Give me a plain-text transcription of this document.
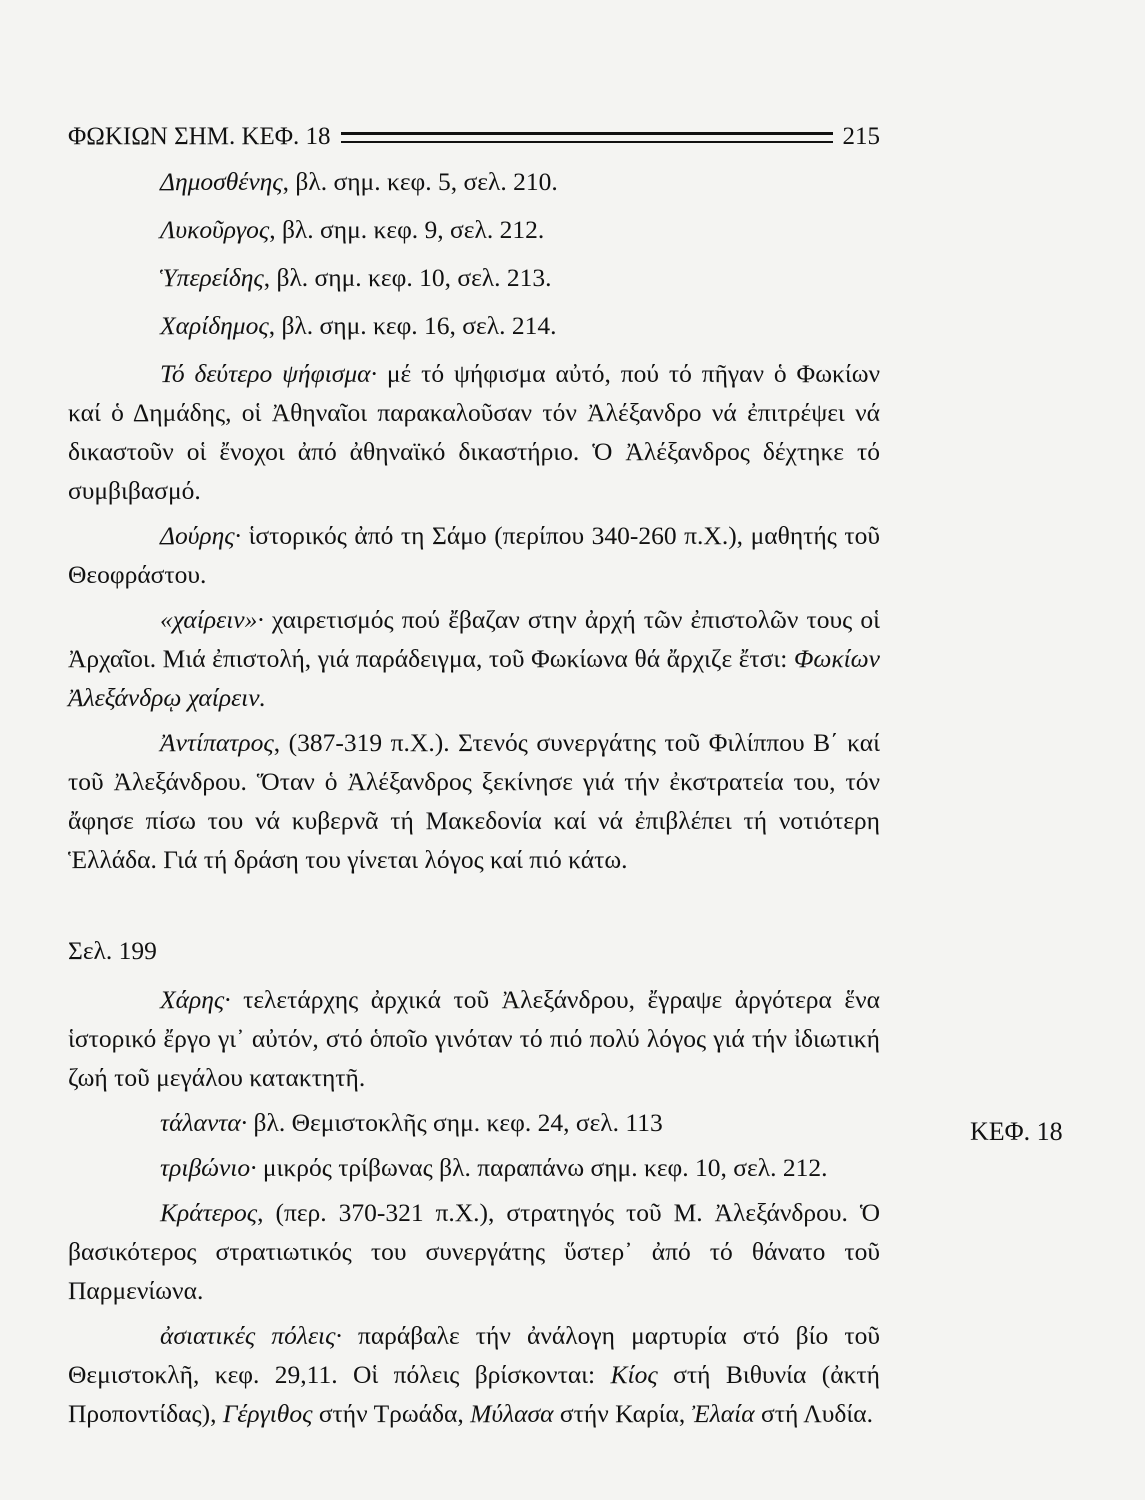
ΦΩΚΙΩΝ ΣΗΜ. ΚΕΦ. 18	215

Δημοσθένης, βλ. σημ. κεφ. 5, σελ. 210.

Λυκοῦργος, βλ. σημ. κεφ. 9, σελ. 212.

Ὑπερείδης, βλ. σημ. κεφ. 10, σελ. 213.

Χαρίδημος, βλ. σημ. κεφ. 16, σελ. 214.

Τό δεύτερο ψήφισμα· μέ τό ψήφισμα αὐτό, πού τό πῆγαν ὁ Φωκίων καί ὁ Δημάδης, οἱ Ἀθηναῖοι παρακαλοῦσαν τόν Ἀλέξανδρο νά ἐπιτρέψει νά δικαστοῦν οἱ ἔνοχοι ἀπό ἀθηναϊκό δικαστήριο. Ὁ Ἀλέξανδρος δέχτηκε τό συμβιβασμό.

Δούρης· ἱστορικός ἀπό τη Σάμο (περίπου 340-260 π.Χ.), μαθητής τοῦ Θεοφράστου.

«χαίρειν»· χαιρετισμός πού ἔβαζαν στην ἀρχή τῶν ἐπιστολῶν τους οἱ Ἀρχαῖοι. Μιά ἐπιστολή, γιά παράδειγμα, τοῦ Φωκίωνα θά ἄρχιζε ἔτσι: Φωκίων Ἀλεξάνδρῳ χαίρειν.

Ἀντίπατρος, (387-319 π.Χ.). Στενός συνεργάτης τοῦ Φιλίππου Β΄ καί τοῦ Ἀλεξάνδρου. Ὅταν ὁ Ἀλέξανδρος ξεκίνησε γιά τήν ἐκστρατεία του, τόν ἄφησε πίσω του νά κυβερνᾶ τή Μακεδονία καί νά ἐπιβλέπει τή νοτιότερη Ἑλλάδα. Γιά τή δράση του γίνεται λόγος καί πιό κάτω.

Σελ. 199

Χάρης· τελετάρχης ἀρχικά τοῦ Ἀλεξάνδρου, ἔγραψε ἀργότερα ἕνα ἱστορικό ἔργο γι᾿ αὐτόν, στό ὁποῖο γινόταν τό πιό πολύ λόγος γιά τήν ἰδιωτική ζωή τοῦ μεγάλου κατακτητῆ.

τάλαντα· βλ. Θεμιστοκλῆς σημ. κεφ. 24, σελ. 113

τριβώνιο· μικρός τρίβωνας βλ. παραπάνω σημ. κεφ. 10, σελ. 212.

Κράτερος, (περ. 370-321 π.Χ.), στρατηγός τοῦ Μ. Ἀλεξάνδρου. Ὁ βασικότερος στρατιωτικός του συνεργάτης ὕστερ᾿ ἀπό τό θάνατο τοῦ Παρμενίωνα.

ἀσιατικές πόλεις· παράβαλε τήν ἀνάλογη μαρτυρία στό βίο τοῦ Θεμιστοκλῆ, κεφ. 29,11. Οἱ πόλεις βρίσκονται: Κίος στή Βιθυνία (ἀκτή Προποντίδας), Γέργιθος στήν Τρωάδα, Μύλασα στήν Καρία, Ἐλαία στή Λυδία.

ΚΕΦ. 18
